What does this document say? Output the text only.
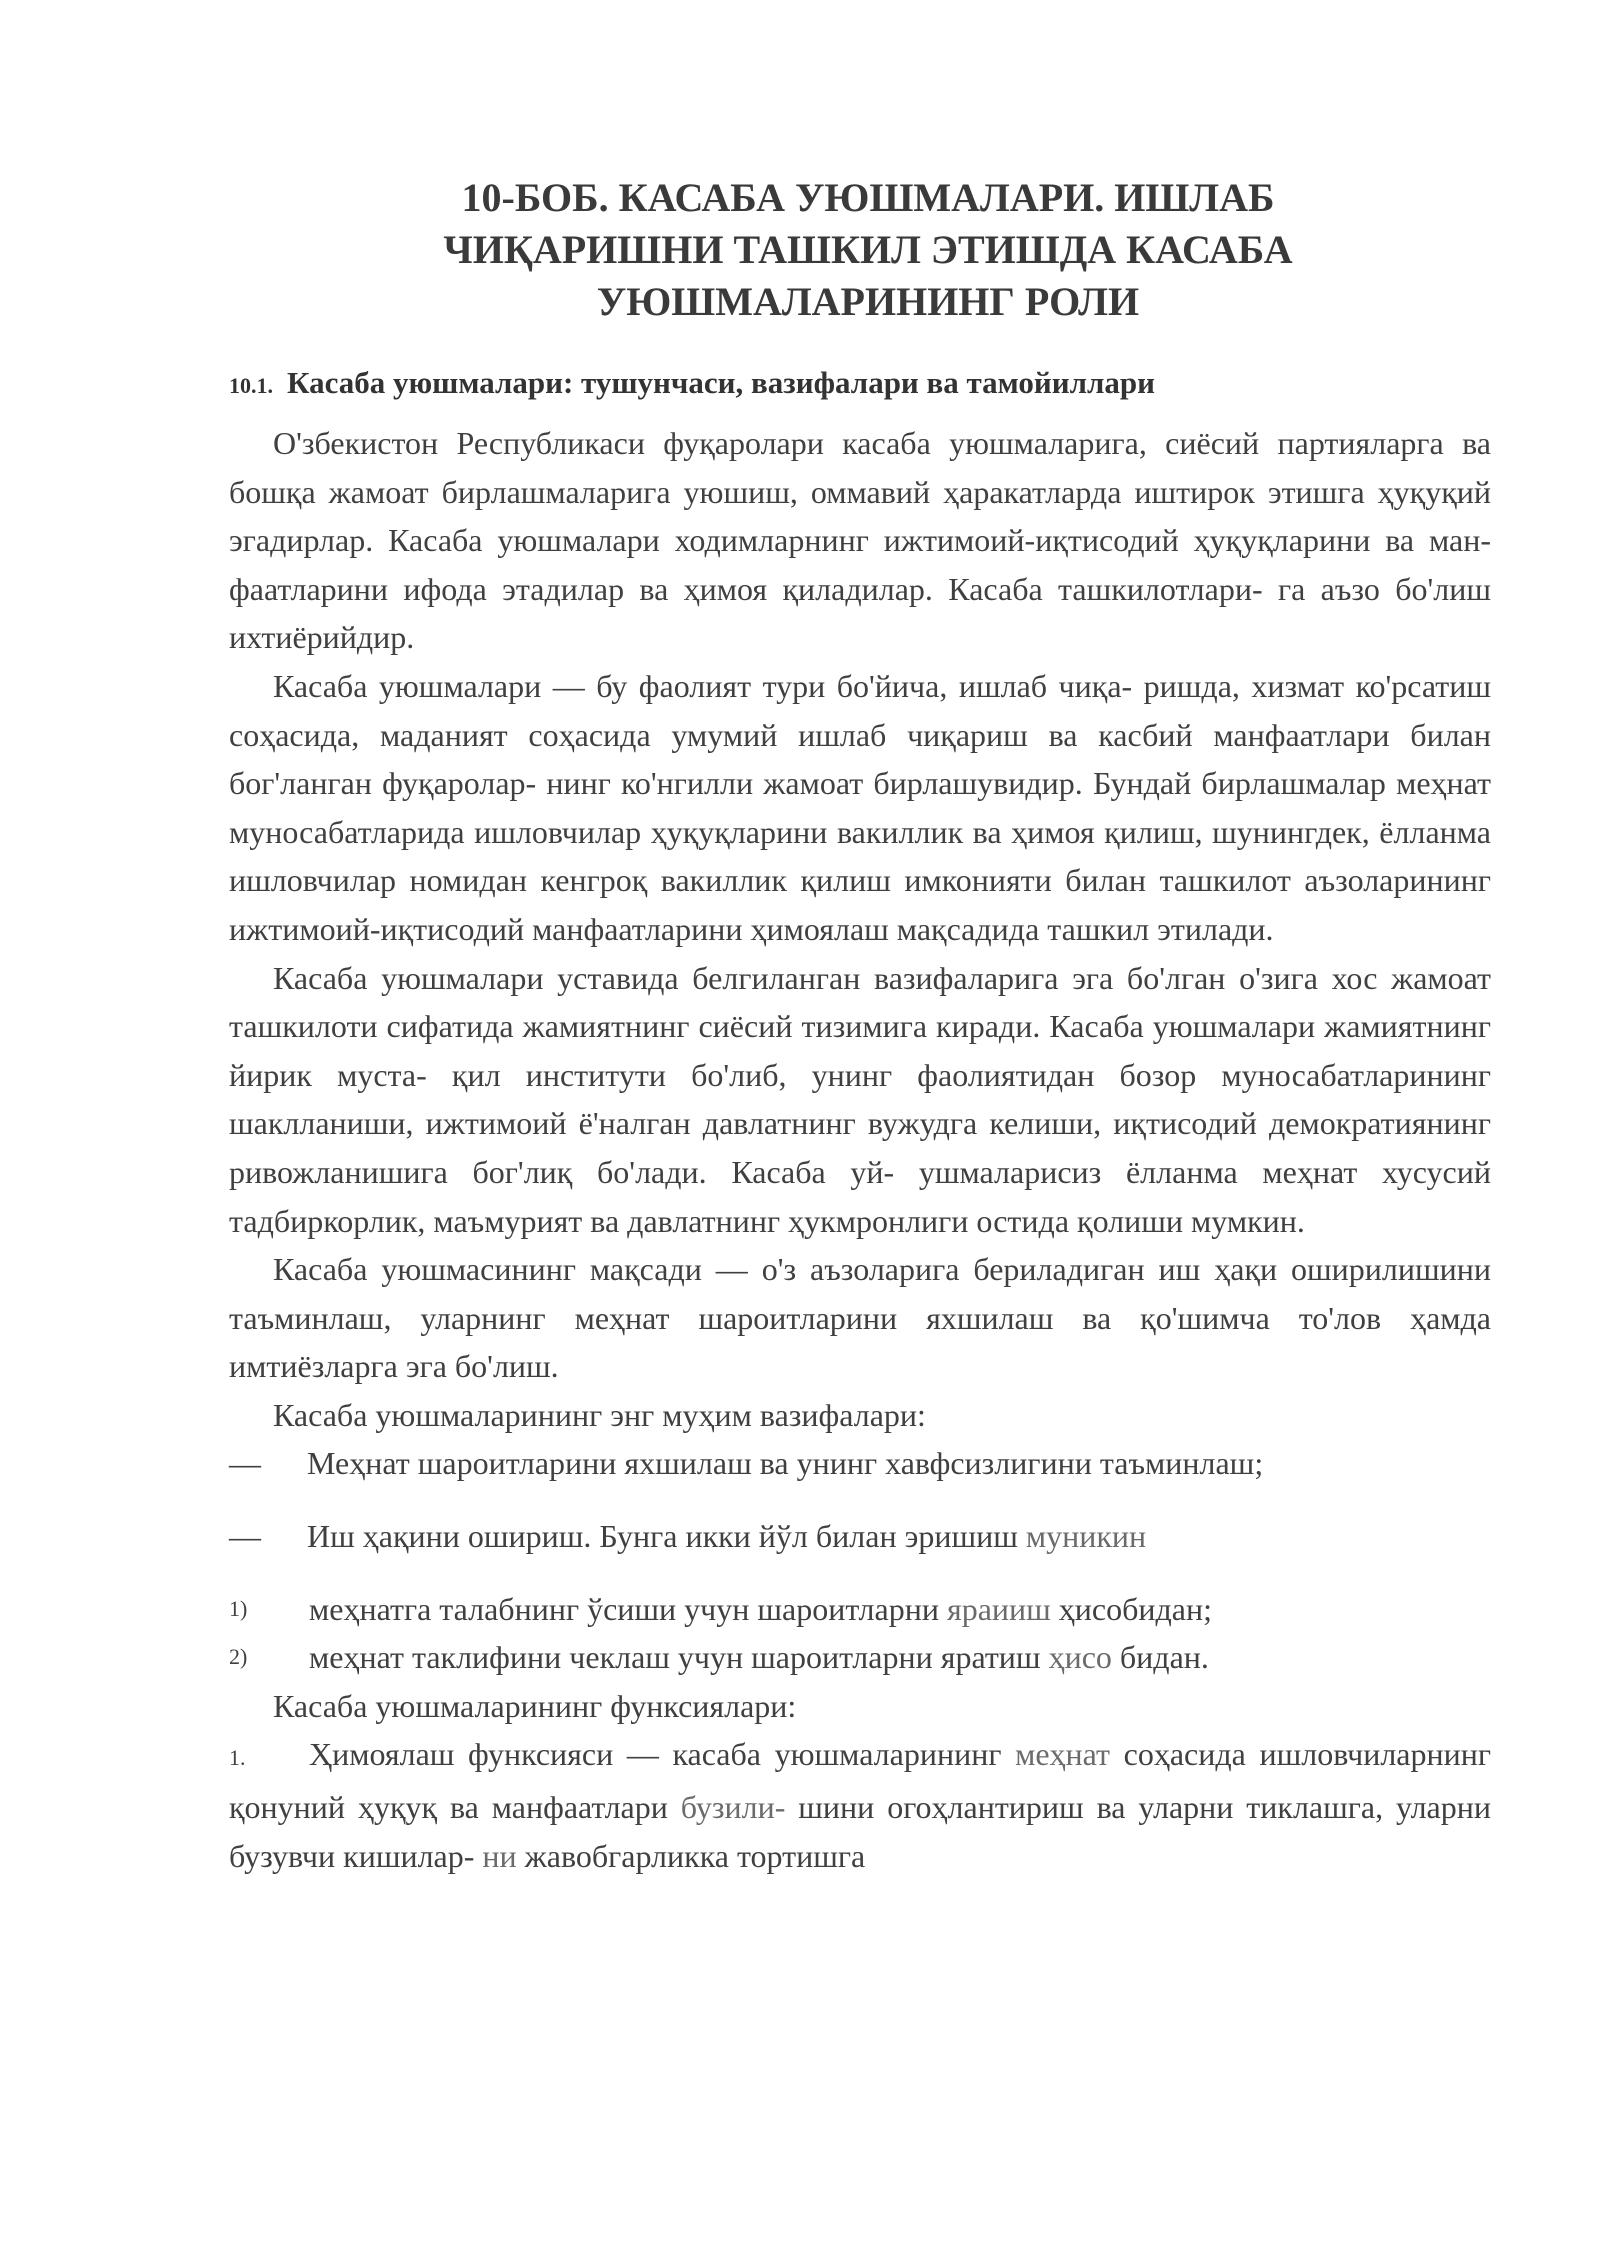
10-БОБ. КАСАБА УЮШМАЛАРИ. ИШЛАБ
ЧИҚАРИШНИ ТАШКИЛ ЭТИШДА КАСАБА
УЮШМАЛАРИНИНГ РОЛИ
10.1. Касаба уюшмалари: тушунчаси, вазифалари ва тамойиллари

O'збекистон Республикаси фуқаролари касаба уюшмаларига, сиёсий партияларга ва бошқа жамоат бирлашмаларига уюшиш, оммавий ҳаракатларда иштирок этишга ҳуқуқий эгадирлар. Касаба уюшмалари ходимларнинг ижтимоий-иқтисодий ҳуқуқларини ва ман- фаатларини ифода этадилар ва ҳимоя қиладилар. Касаба ташкилотлари- га аъзо бо'лиш ихтиёрийдир.

Касаба уюшмалари — бу фаолият тури бо'йича, ишлаб чиқа- ришда, хизмат ко'рсатиш соҳасида, маданият соҳасида умумий ишлаб чиқариш ва касбий манфаатлари билан бог'ланган фуқаролар- нинг ко'нгилли жамоат бирлашувидир. Бундай бирлашмалар меҳнат муносабатларида ишловчилар ҳуқуқларини вакиллик ва ҳимоя қилиш, шунингдек, ёлланма ишловчилар номидан кенгроқ вакиллик қилиш имконияти билан ташкилот аъзоларининг ижтимоий-иқтисодий манфаатларини ҳимоялаш мақсадида ташкил этилади.

Касаба уюшмалари уставида белгиланган вазифаларига эга бо'лган о'зига хос жамоат ташкилоти сифатида жамиятнинг сиёсий тизимига киради. Касаба уюшмалари жамиятнинг йирик муста- қил институти бо'либ, унинг фаолиятидан бозор муносабатларининг шаклланиши, ижтимоий ё'налган давлатнинг вужудга келиши, иқтисодий демократиянинг ривожланишига бог'лиқ бо'лади. Касаба уй- ушмаларисиз ёлланма меҳнат хусусий тадбиркорлик, маъмурият ва давлатнинг ҳукмронлиги остида қолиши мумкин.

Касаба уюшмасининг мақсади — о'з аъзоларига бериладиган иш ҳақи оширилишини таъминлаш, уларнинг меҳнат шароитларини яхшилаш ва қо'шимча то'лов ҳамда имтиёзларга эга бо'лиш.

Касаба уюшмаларининг энг муҳим вазифалари:

—	Меҳнат шароитларини яхшилаш ва унинг хавфсизлигини таъминлаш;
—	Иш ҳақини ошириш. Бунга икки йўл билан эришиш муникин
1)	меҳнатга талабнинг ўсиши учун шароитларни яраииш ҳисобидан;
2)	меҳнат таклифини чеклаш учун шароитларни яратиш ҳисо бидан.

Касаба уюшмаларининг функсиялари:

1. Ҳимоялаш функсияси — касаба уюшмаларининг меҳнат соҳасида ишловчиларнинг қонуний ҳуқуқ ва манфаатлари бузили- шини огоҳлантириш ва уларни тиклашга, уларни бузувчи кишилар- ни жавобгарликка тортишга
